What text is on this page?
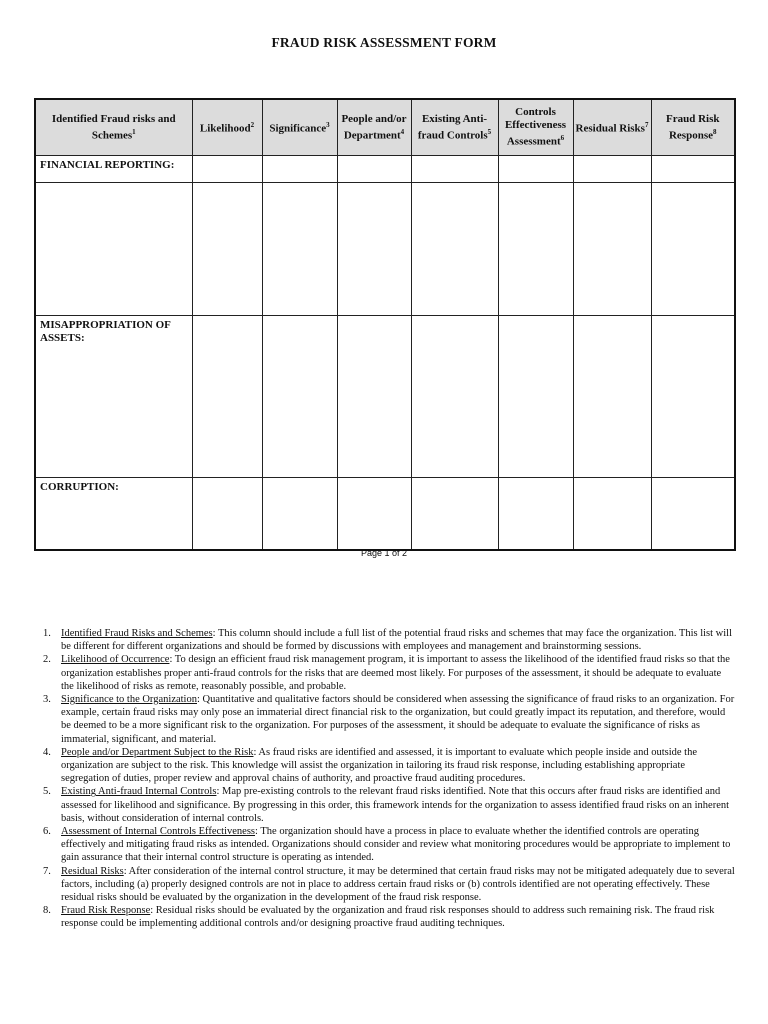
FRAUD RISK ASSESSMENT FORM
Identified Fraud risks and Schemes$^1$	Likelihood$^2$	Significance$^3$	People and/or Department$^4$	Existing Anti-fraud Controls$^5$	Controls Effectiveness Assessment$^6$	Residual Risks$^7$	Fraud Risk Response$^8$
FINANCIAL REPORTING:							

MISAPPROPRIATION OF ASSETS:							
CORRUPTION:							
Page 1 of 2
1. Identified Fraud Risks and Schemes: This column should include a full list of the potential fraud risks and schemes that may face the organization. This list will be different for different organizations and should be formed by discussions with employees and management and brainstorming sessions.
2. Likelihood of Occurrence: To design an efficient fraud risk management program, it is important to assess the likelihood of the identified fraud risks so that the organization establishes proper anti-fraud controls for the risks that are deemed most likely. For purposes of the assessment, it should be adequate to evaluate the likelihood of risks as remote, reasonably possible, and probable.
3. Significance to the Organization: Quantitative and qualitative factors should be considered when assessing the significance of fraud risks to an organization. For example, certain fraud risks may only pose an immaterial direct financial risk to the organization, but could greatly impact its reputation, and therefore, would be deemed to be a more significant risk to the organization. For purposes of the assessment, it should be adequate to evaluate the significance of risks as immaterial, significant, and material.
4. People and/or Department Subject to the Risk: As fraud risks are identified and assessed, it is important to evaluate which people inside and outside the organization are subject to the risk. This knowledge will assist the organization in tailoring its fraud risk response, including establishing appropriate segregation of duties, proper review and approval chains of authority, and proactive fraud auditing procedures.
5. Existing Anti-fraud Internal Controls: Map pre-existing controls to the relevant fraud risks identified. Note that this occurs after fraud risks are identified and assessed for likelihood and significance. By progressing in this order, this framework intends for the organization to assess identified fraud risks on an inherent basis, without consideration of internal controls.
6. Assessment of Internal Controls Effectiveness: The organization should have a process in place to evaluate whether the identified controls are operating effectively and mitigating fraud risks as intended. Organizations should consider and review what monitoring procedures would be appropriate to implement to gain assurance that their internal control structure is operating as intended.
7. Residual Risks: After consideration of the internal control structure, it may be determined that certain fraud risks may not be mitigated adequately due to several factors, including (a) properly designed controls are not in place to address certain fraud risks or (b) controls identified are not operating effectively. These residual risks should be evaluated by the organization in the development of the fraud risk response.
8. Fraud Risk Response: Residual risks should be evaluated by the organization and fraud risk responses should to address such remaining risk. The fraud risk response could be implementing additional controls and/or designing proactive fraud auditing techniques.
